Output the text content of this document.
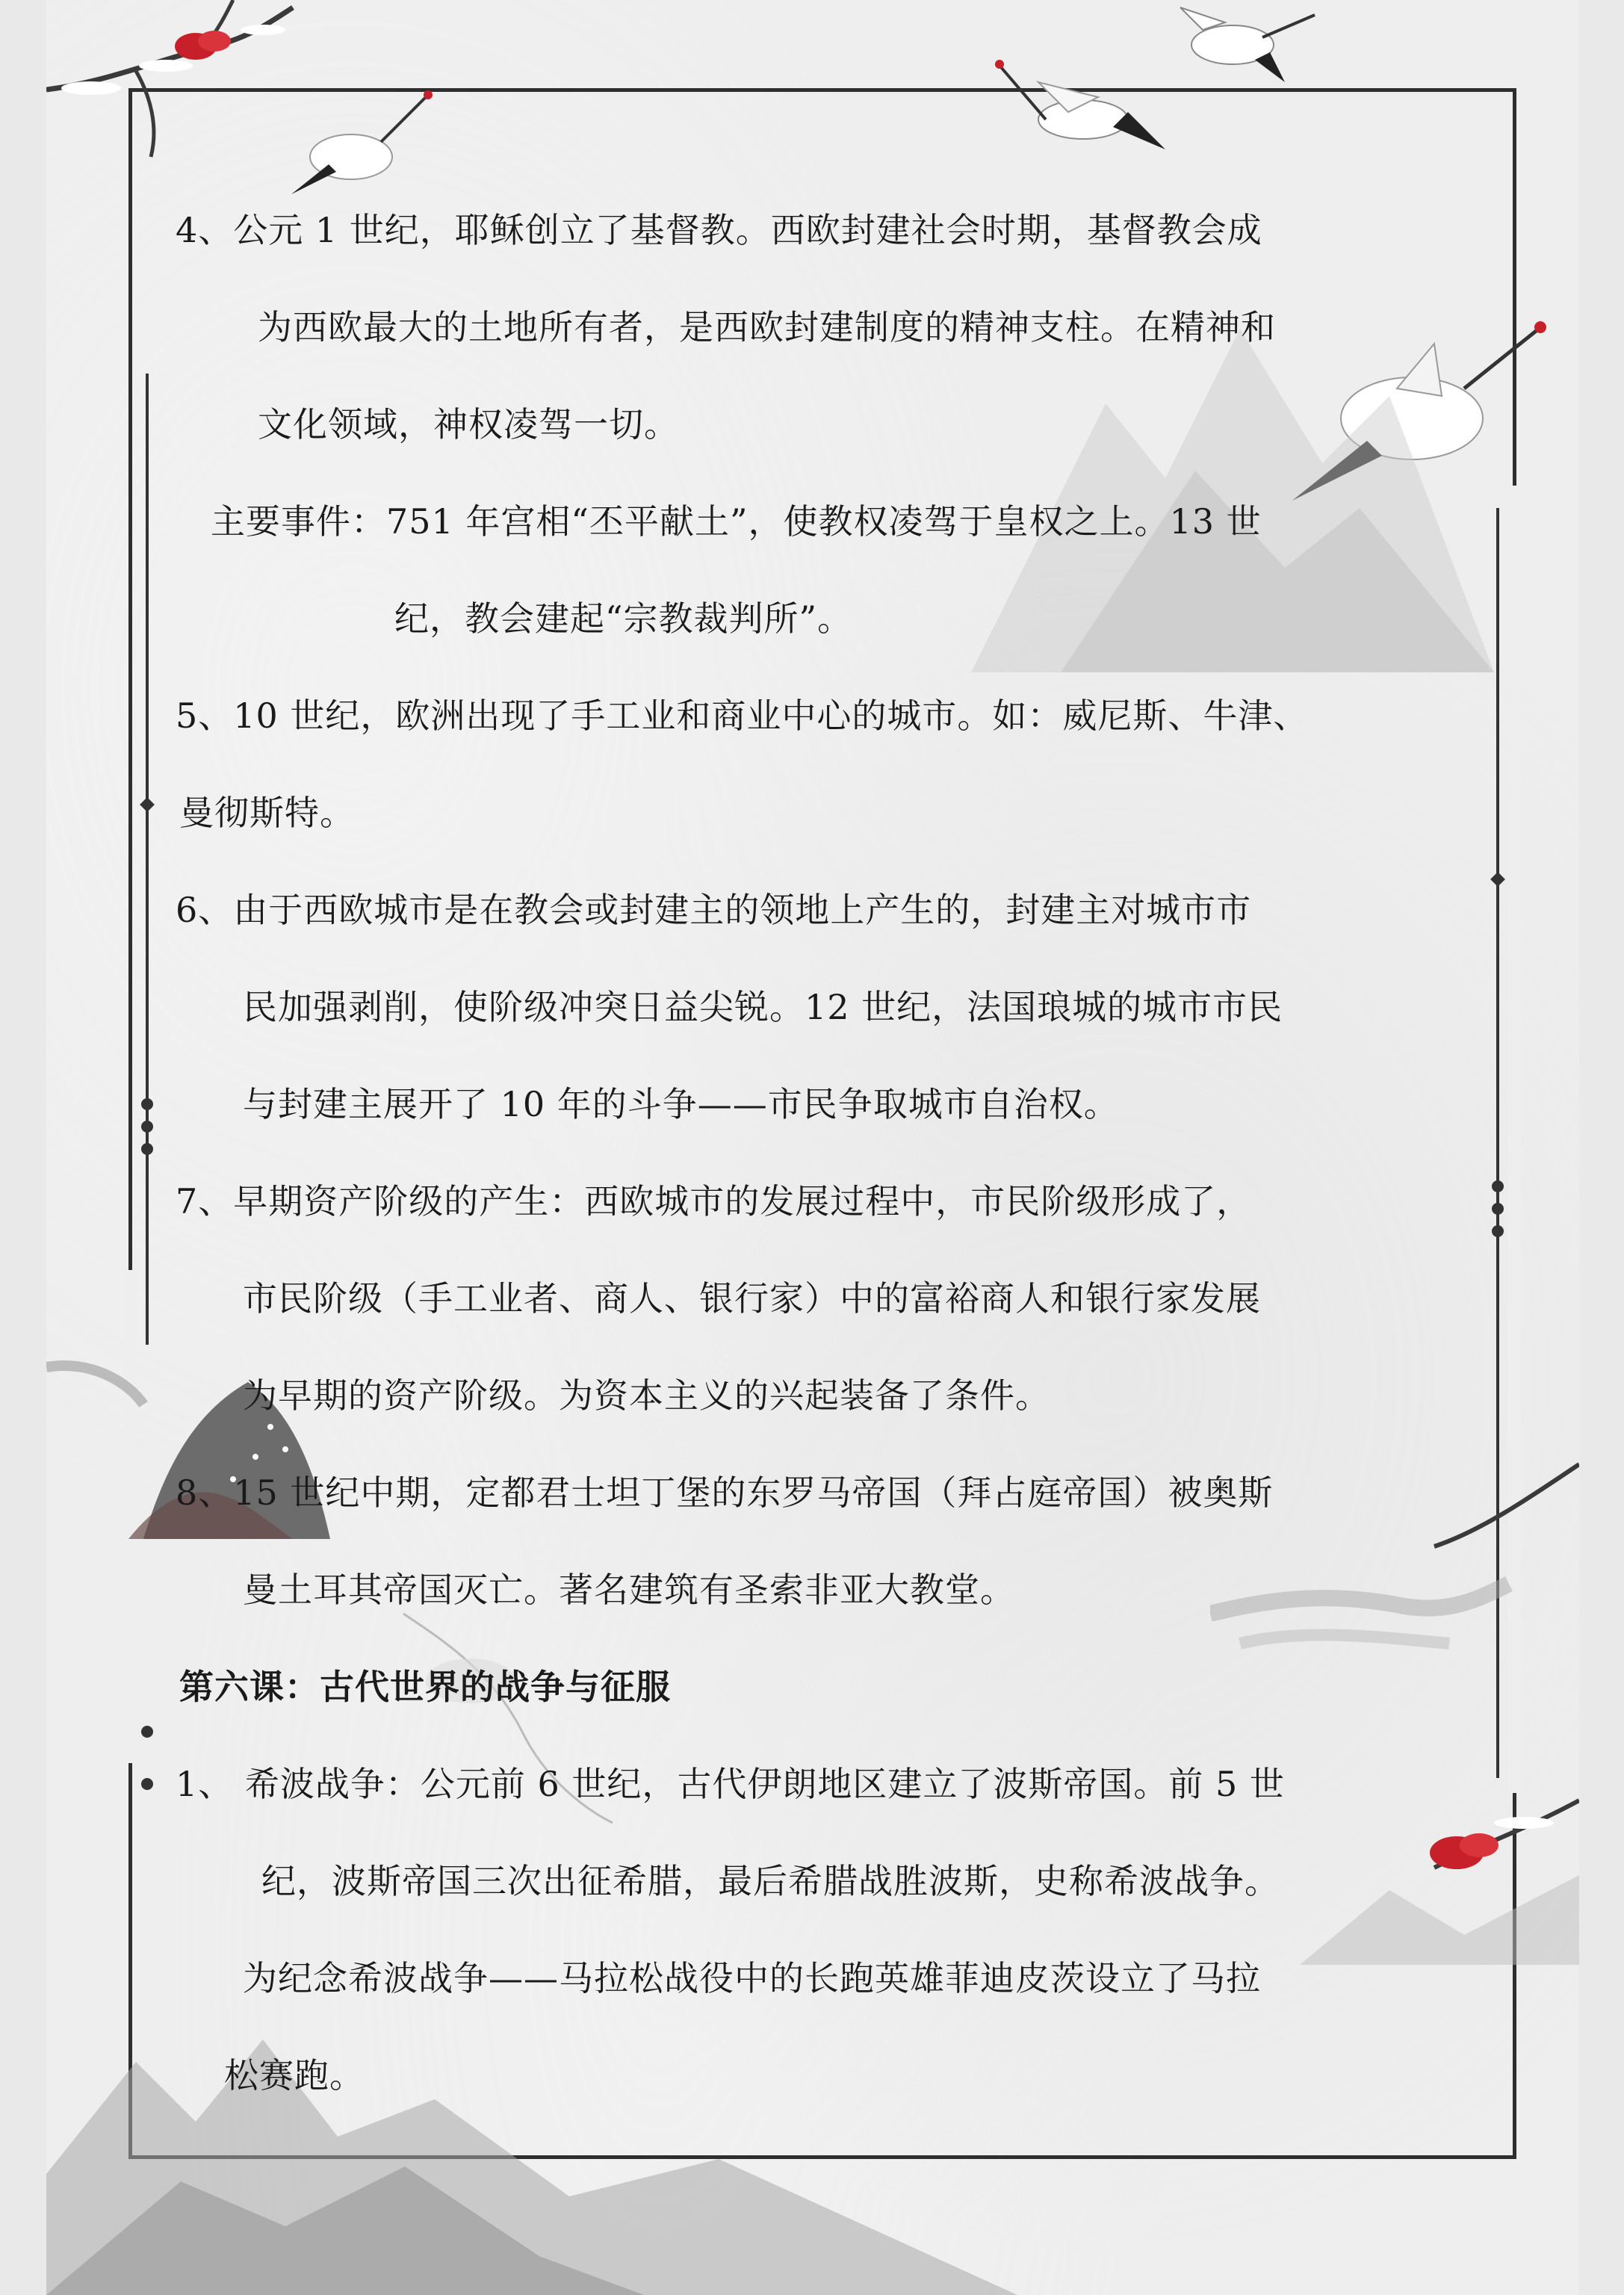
4、公元 1 世纪，耶稣创立了基督教。西欧封建社会时期，基督教会成
为西欧最大的土地所有者，是西欧封建制度的精神支柱。在精神和
文化领域，神权凌驾一切。
主要事件：751 年宫相“丕平献土”，使教权凌驾于皇权之上。13 世
纪，教会建起“宗教裁判所”。
5、10 世纪，欧洲出现了手工业和商业中心的城市。如：威尼斯、牛津、
曼彻斯特。
6、由于西欧城市是在教会或封建主的领地上产生的，封建主对城市市
民加强剥削，使阶级冲突日益尖锐。12 世纪，法国琅城的城市市民
与封建主展开了 10 年的斗争——市民争取城市自治权。
7、早期资产阶级的产生：西欧城市的发展过程中，市民阶级形成了，
市民阶级（手工业者、商人、银行家）中的富裕商人和银行家发展
为早期的资产阶级。为资本主义的兴起装备了条件。
8、15 世纪中期，定都君士坦丁堡的东罗马帝国（拜占庭帝国）被奥斯
曼土耳其帝国灭亡。著名建筑有圣索非亚大教堂。
第六课：古代世界的战争与征服
1、 希波战争：公元前 6 世纪，古代伊朗地区建立了波斯帝国。前 5 世
纪，波斯帝国三次出征希腊，最后希腊战胜波斯，史称希波战争。
为纪念希波战争——马拉松战役中的长跑英雄菲迪皮茨设立了马拉
松赛跑。
